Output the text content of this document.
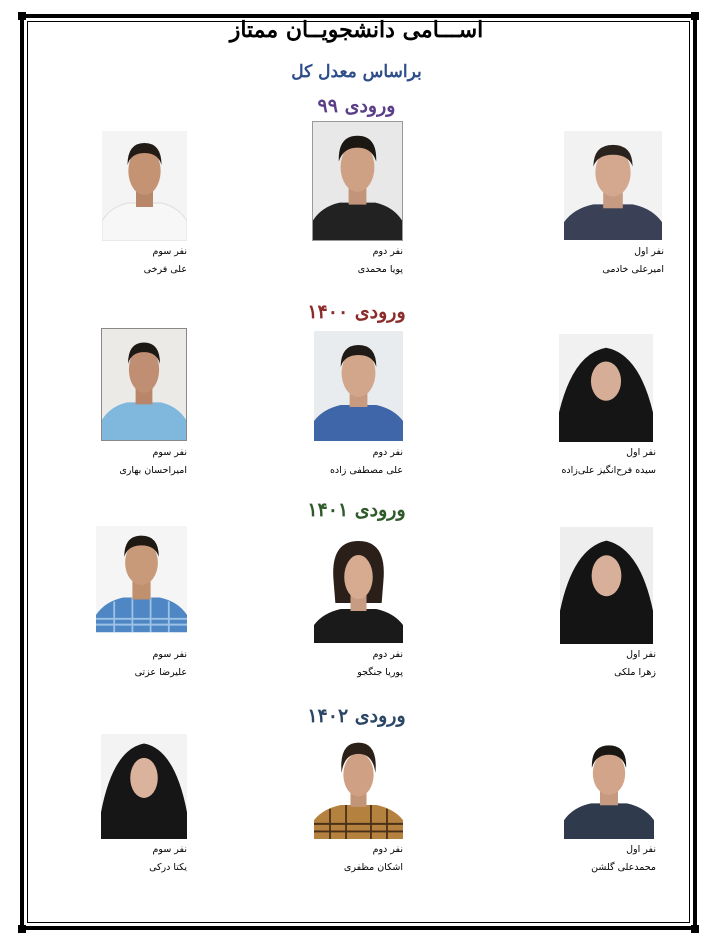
اســـامی دانشجویــان ممتاز
براساس معدل کل
ورودی ۹۹
نفر اول
امیرعلی خادمی
نفر دوم
پویا محمدی
نفر سوم
علی فرخی
ورودی ۱۴۰۰
نفر اول
سیده فرح‌انگیز علی‌زاده
نفر دوم
علی مصطفی زاده
نفر سوم
امیراحسان بهاری
ورودی ۱۴۰۱
نفر اول
زهرا ملکی
نفر دوم
پوریا جنگجو
نفر سوم
علیرضا عزتی
ورودی ۱۴۰۲
نفر اول
محمدعلی گلشن
نفر دوم
اشکان مظفری
نفر سوم
یکتا درکی
